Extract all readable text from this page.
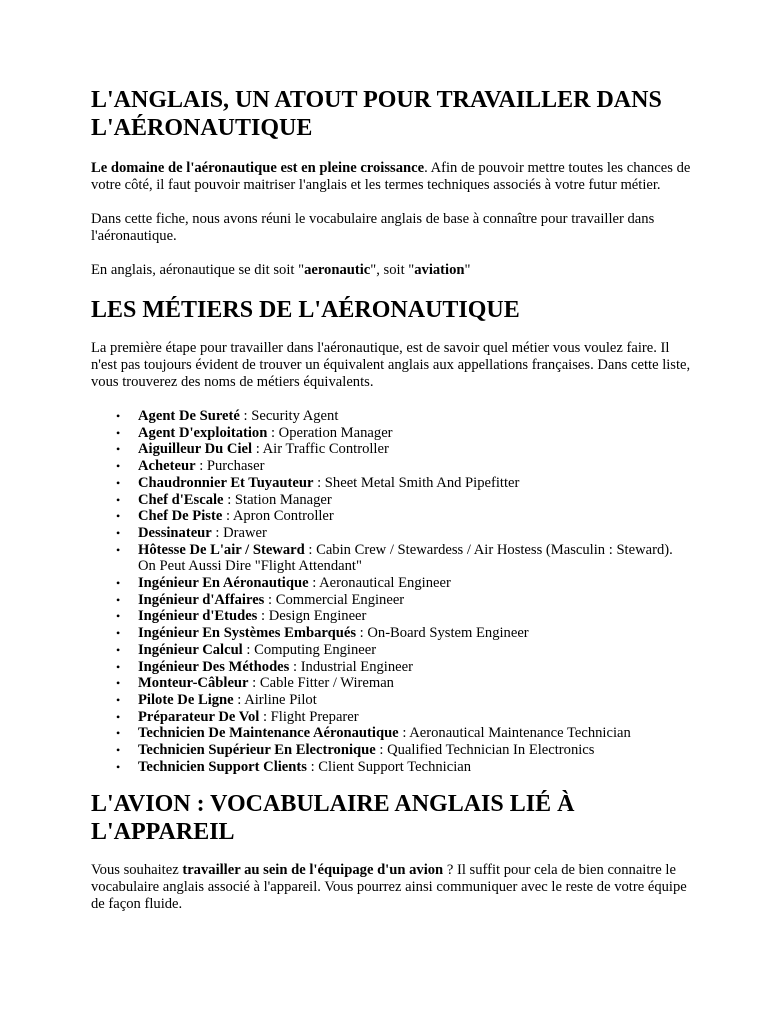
L'ANGLAIS, UN ATOUT POUR TRAVAILLER DANS
L'AÉRONAUTIQUE

Le domaine de l'aéronautique est en pleine croissance. Afin de pouvoir mettre toutes les chances de votre côté, il faut pouvoir maitriser l'anglais et les termes techniques associés à votre futur métier.

Dans cette fiche, nous avons réuni le vocabulaire anglais de base à connaître pour travailler dans l'aéronautique.

En anglais, aéronautique se dit soit "aeronautic", soit "aviation"

LES MÉTIERS DE L'AÉRONAUTIQUE

La première étape pour travailler dans l'aéronautique, est de savoir quel métier vous voulez faire. Il n'est pas toujours évident de trouver un équivalent anglais aux appellations françaises. Dans cette liste, vous trouverez des noms de métiers équivalents.

• Agent De Sureté : Security Agent
• Agent D'exploitation : Operation Manager
• Aiguilleur Du Ciel : Air Traffic Controller
• Acheteur : Purchaser
• Chaudronnier Et Tuyauteur : Sheet Metal Smith And Pipefitter
• Chef d'Escale : Station Manager
• Chef De Piste : Apron Controller
• Dessinateur : Drawer
• Hôtesse De L'air / Steward : Cabin Crew / Stewardess / Air Hostess (Masculin : Steward). On Peut Aussi Dire "Flight Attendant"
• Ingénieur En Aéronautique : Aeronautical Engineer
• Ingénieur d'Affaires : Commercial Engineer
• Ingénieur d'Etudes : Design Engineer
• Ingénieur En Systèmes Embarqués : On-Board System Engineer
• Ingénieur Calcul : Computing Engineer
• Ingénieur Des Méthodes : Industrial Engineer
• Monteur-Câbleur : Cable Fitter / Wireman
• Pilote De Ligne : Airline Pilot
• Préparateur De Vol : Flight Preparer
• Technicien De Maintenance Aéronautique : Aeronautical Maintenance Technician
• Technicien Supérieur En Electronique : Qualified Technician In Electronics
• Technicien Support Clients : Client Support Technician
L'AVION : VOCABULAIRE ANGLAIS LIÉ À
L'APPAREIL

Vous souhaitez travailler au sein de l'équipage d'un avion ? Il suffit pour cela de bien connaitre le vocabulaire anglais associé à l'appareil. Vous pourrez ainsi communiquer avec le reste de votre équipe de façon fluide.
